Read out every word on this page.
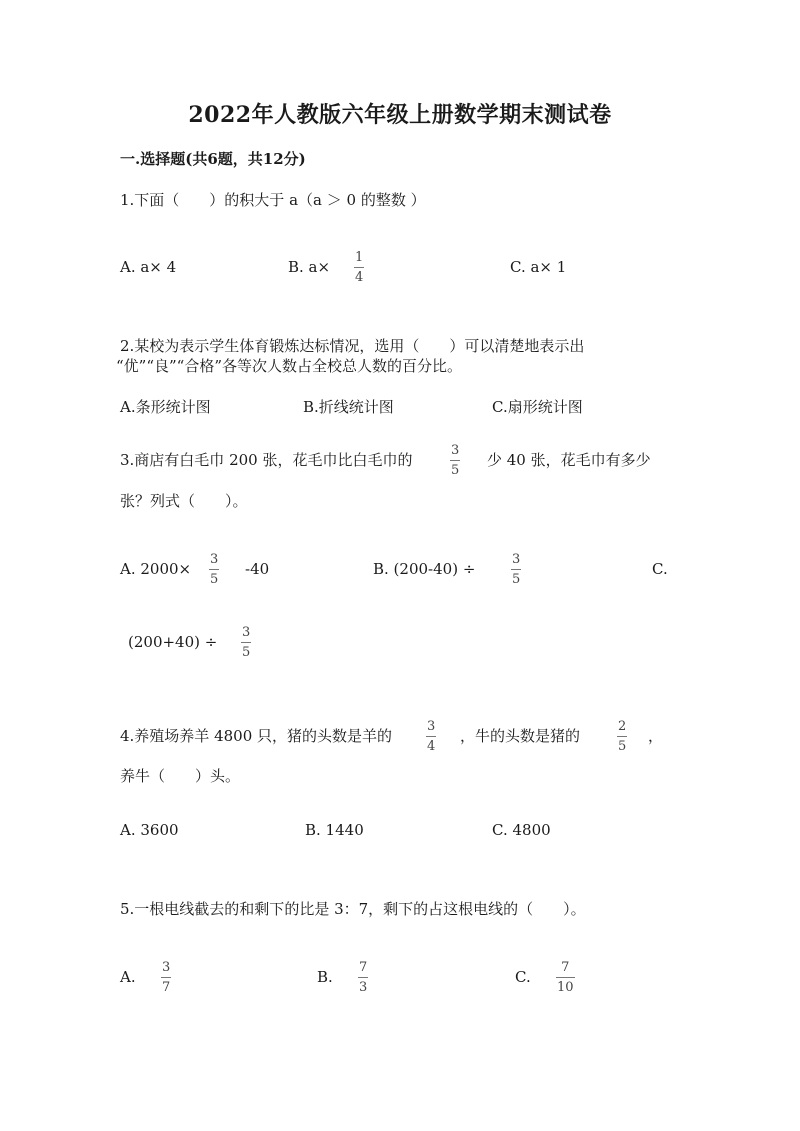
2022年人教版六年级上册数学期末测试卷
一.选择题(共6题，共12分)
1.下面（　　）的积大于 a（a ＞ 0 的整数 ）
A. a× 4	B. a×
1
4
C. a× 1
2.某校为表示学生体育锻炼达标情况，选用（　　）可以清楚地表示出
“优”“良”“合格”各等次人数占全校总人数的百分比。
A.条形统计图	B.折线统计图	C.扇形统计图
3.商店有白毛巾 200 张，花毛巾比白毛巾的
3
5
少 40 张，花毛巾有多少
张？列式（　　）。
A. 2000×
3
5
-40	B. (200-40) ÷
3
5
C.
(200+40) ÷
3
5
4.养殖场养羊 4800 只，猪的头数是羊的
3
4
，牛的头数是猪的
2
5
，
养牛（　　）头。
A. 3600	B. 1440	C. 4800
5.一根电线截去的和剩下的比是 3：7，剩下的占这根电线的（　　）。
A.
3
7
B.
7
3
C.
7
10
